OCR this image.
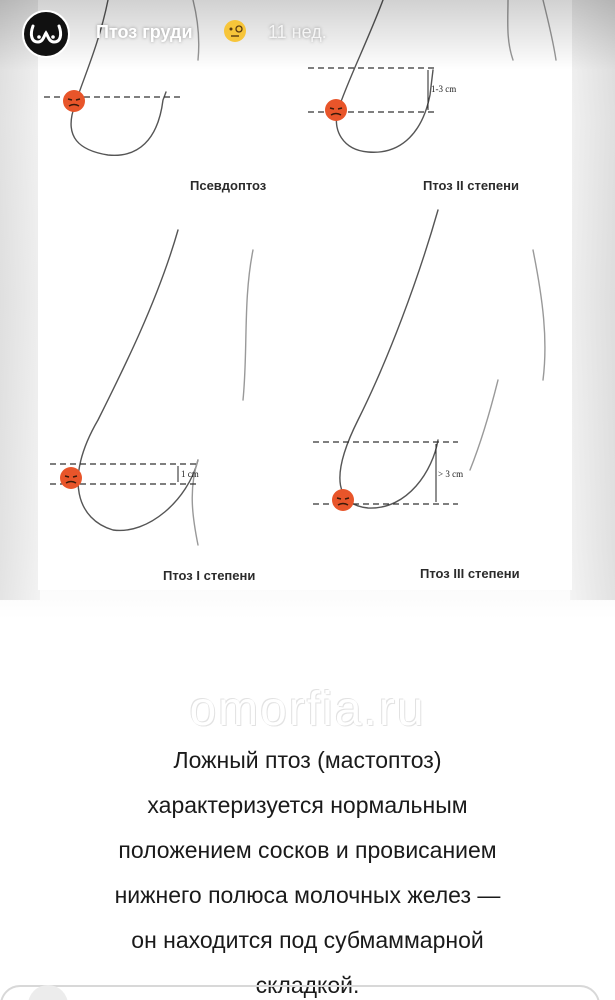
1-3 cm
1 cm	> 3 cm
Псевдоптоз	Птоз II степени
Птоз I степени	Птоз III степени
Птоз груди	11 нед.
omorfia.ru
Ложный птоз (мастоптоз)
характеризуется нормальным
положением сосков и провисанием
нижнего полюса молочных желез —
он находится под субмаммарной
складкой.
